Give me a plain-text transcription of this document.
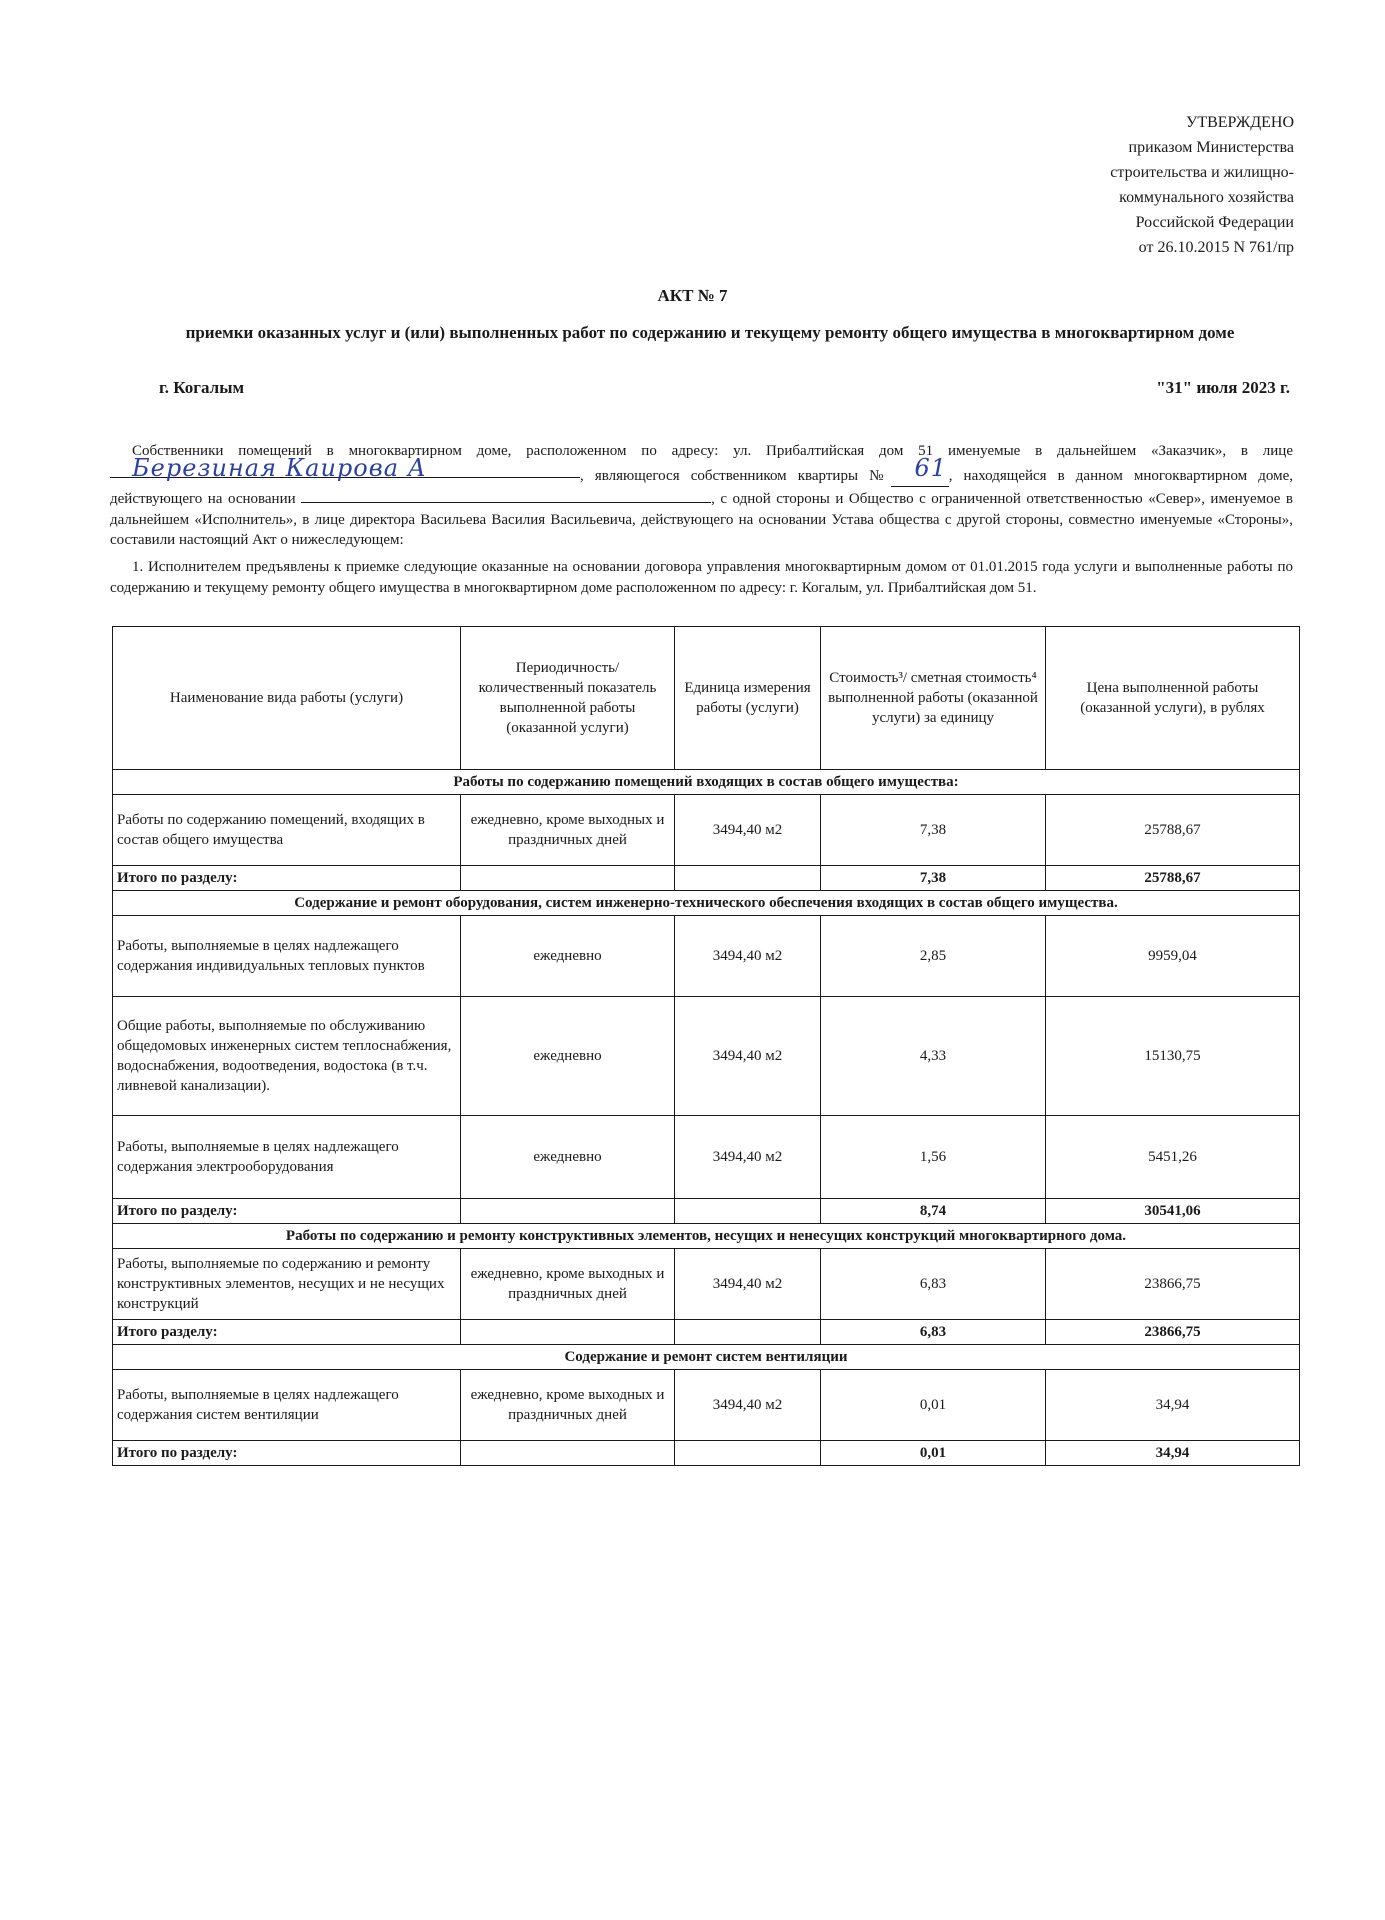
УТВЕРЖДЕНО
приказом Министерства
строительства и жилищно-
коммунального хозяйства
Российской Федерации
от 26.10.2015 N 761/пр
АКТ № 7
приемки оказанных услуг и (или) выполненных работ по содержанию и текущему ремонту общего имущества в многоквартирном доме
г. Когалым	"31" июля 2023 г.
Собственники помещений в многоквартирном доме, расположенном по адресу: ул. Прибалтийская дом 51 именуемые в дальнейшем «Заказчик», в лице Березиная Каирова А	, являющегося собственником квартиры № 61 , находящейся в данном многоквартирном доме, действующего на основании	, с одной стороны и Общество с ограниченной ответственностью «Север», именуемое в дальнейшем «Исполнитель», в лице директора Васильева Василия Васильевича, действующего на основании Устава общества с другой стороны, совместно именуемые «Стороны», составили настоящий Акт о нижеследующем:
1. Исполнителем предъявлены к приемке следующие оказанные на основании договора управления многоквартирным домом от 01.01.2015 года услуги и выполненные работы по содержанию и текущему ремонту общего имущества в многоквартирном доме расположенном по адресу: г. Когалым, ул. Прибалтийская дом 51.
Наименование вида работы (услуги)	Периодичность/ количественный показатель выполненной работы (оказанной услуги)	Единица измерения работы (услуги)	Стоимость³/ сметная стоимость⁴ выполненной работы (оказанной услуги) за единицу	Цена выполненной работы (оказанной услуги), в рублях
Работы по содержанию помещений входящих в состав общего имущества:				
Работы по содержанию помещений, входящих в состав общего имущества	ежедневно, кроме выходных и праздничных дней	3494,40 м2	7,38	25788,67
Итого по разделу:			7,38	25788,67
Содержание и ремонт оборудования, систем инженерно-технического обеспечения входящих в состав общего имущества.				
Работы, выполняемые в целях надлежащего содержания индивидуальных тепловых пунктов	ежедневно	3494,40 м2	2,85	9959,04
Общие работы, выполняемые по обслуживанию общедомовых инженерных систем теплоснабжения, водоснабжения, водоотведения, водостока (в т.ч. ливневой канализации).	ежедневно	3494,40 м2	4,33	15130,75
Работы, выполняемые в целях надлежащего содержания электрооборудования	ежедневно	3494,40 м2	1,56	5451,26
Итого по разделу:			8,74	30541,06
Работы по содержанию и ремонту конструктивных элементов, несущих и ненесущих конструкций многоквартирного дома.				
Работы, выполняемые по содержанию и ремонту конструктивных элементов, несущих и не несущих конструкций	ежедневно, кроме выходных и праздничных дней	3494,40 м2	6,83	23866,75
Итого разделу:			6,83	23866,75
Содержание и ремонт систем вентиляции				
Работы, выполняемые в целях надлежащего содержания систем вентиляции	ежедневно, кроме выходных и праздничных дней	3494,40 м2	0,01	34,94
Итого по разделу:			0,01	34,94
